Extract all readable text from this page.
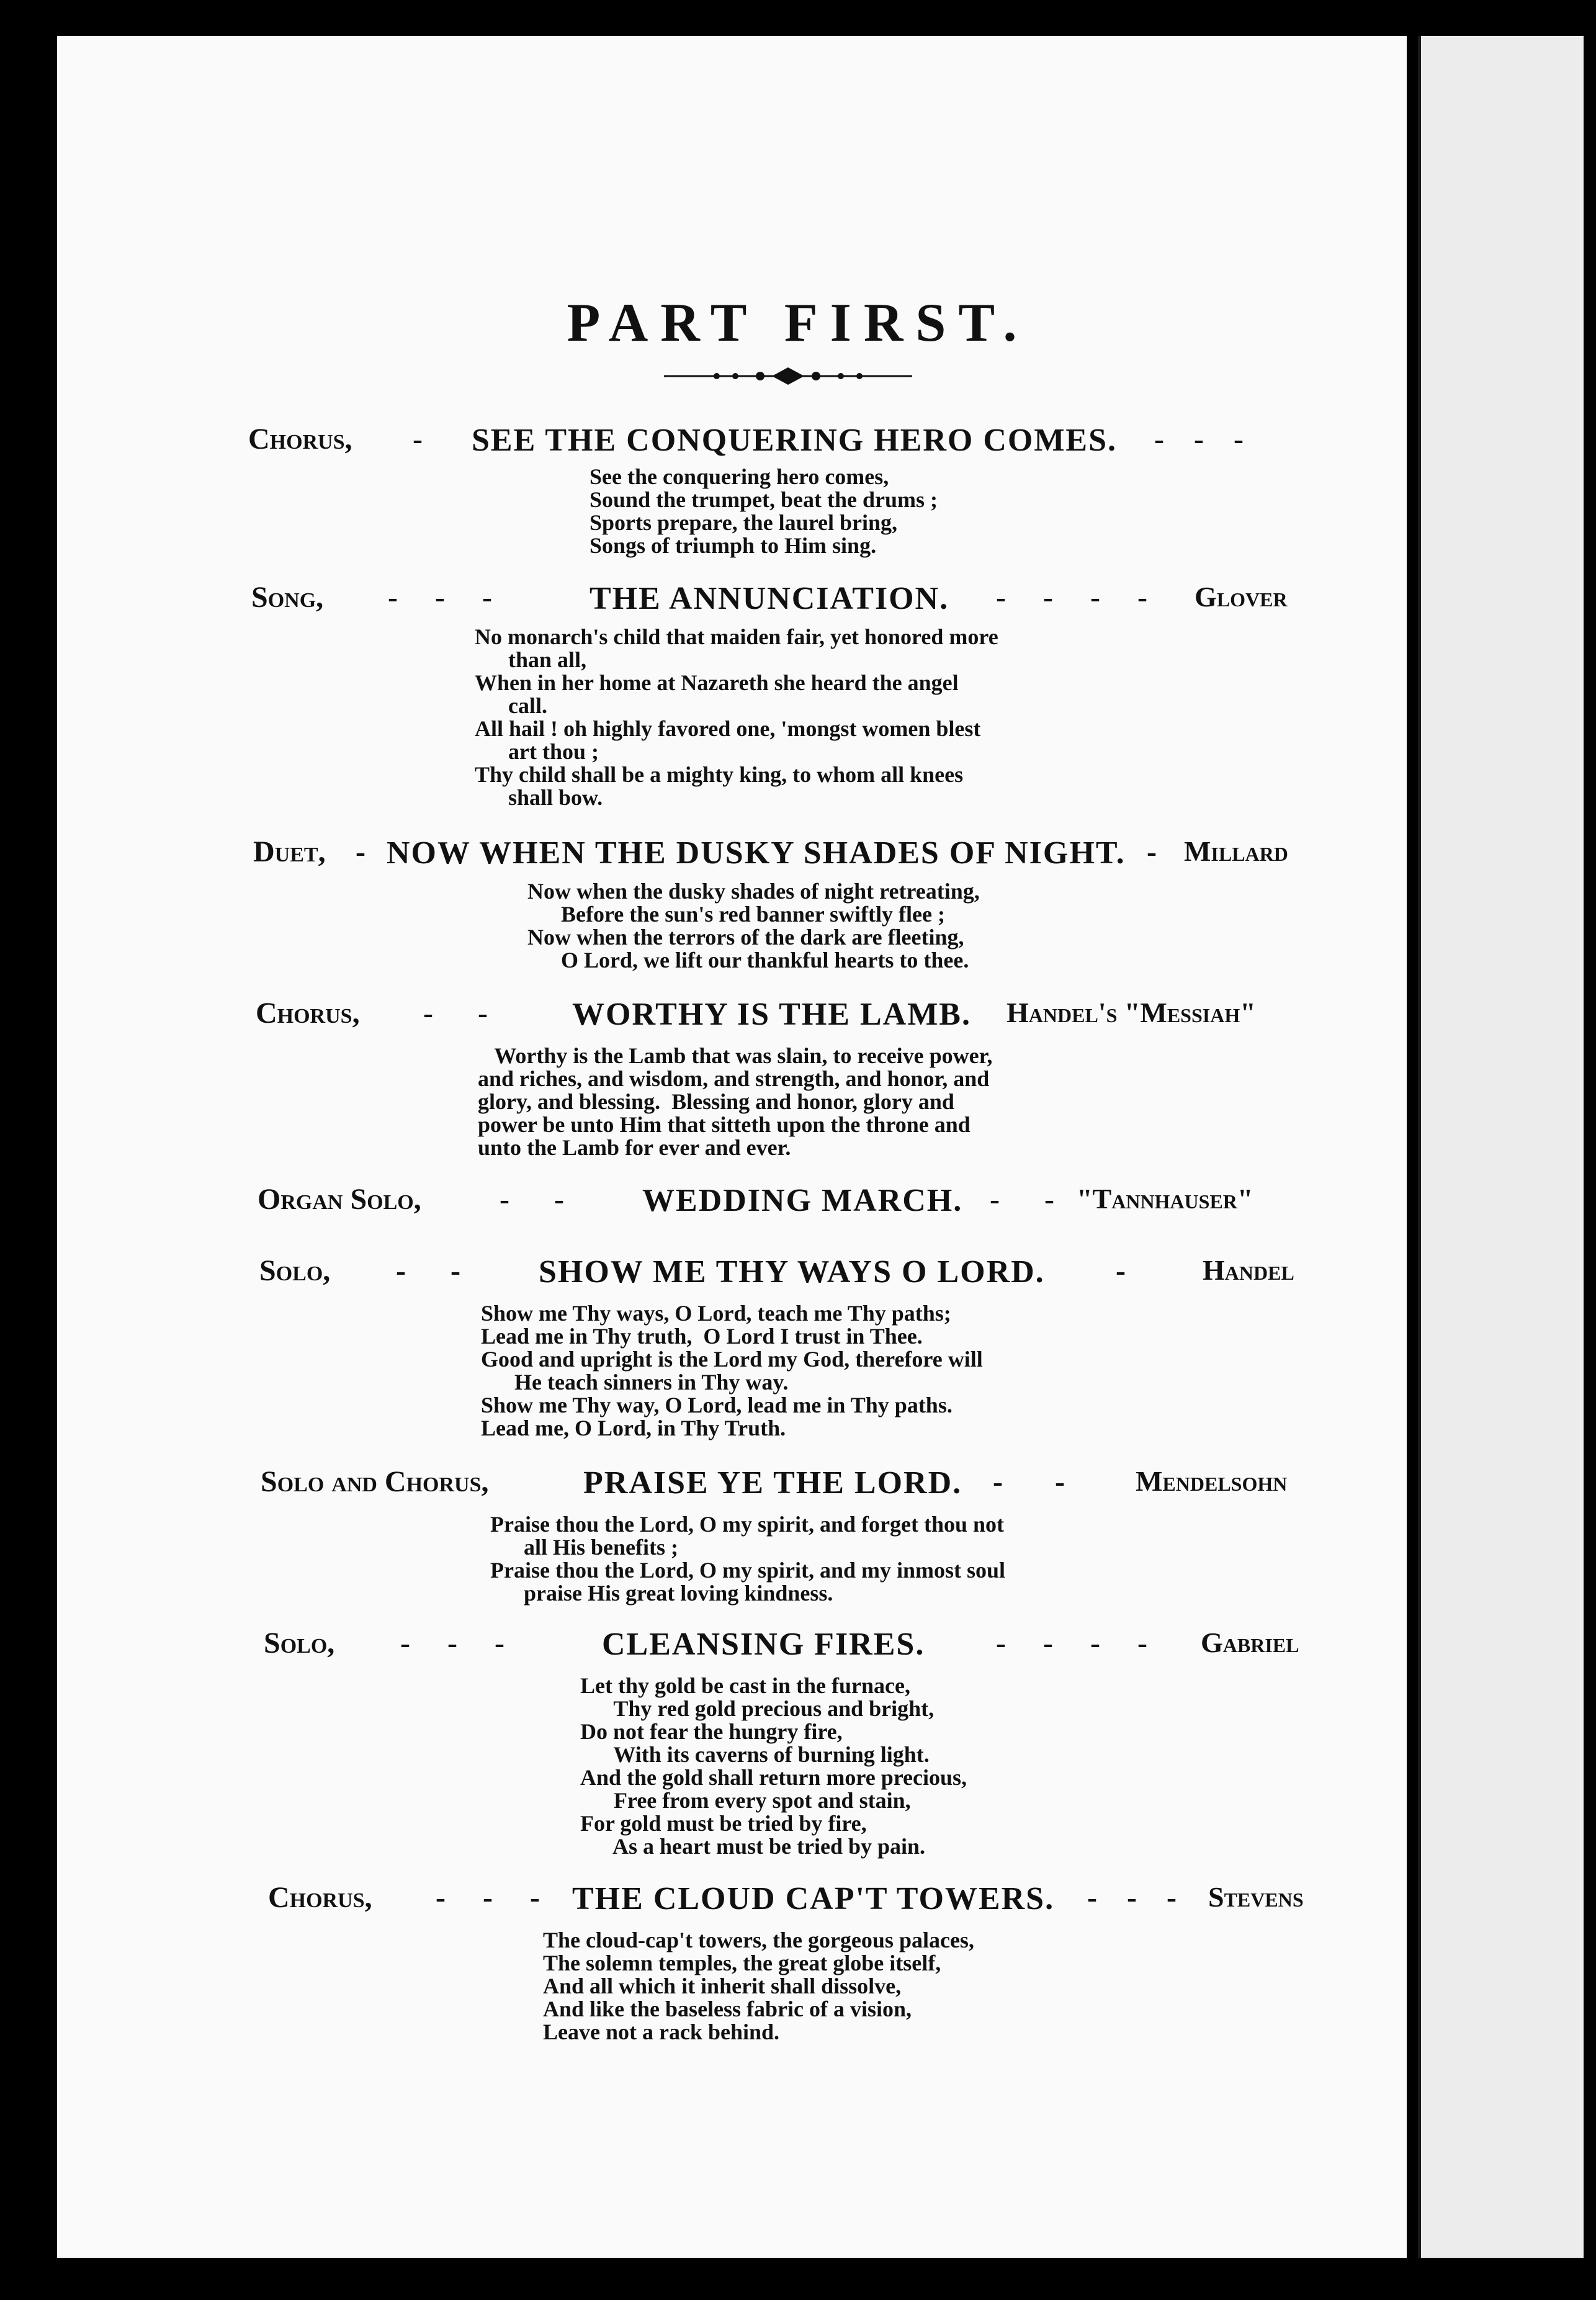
PART FIRST.
Chorus, - SEE THE CONQUERING HERO COMES. -    -    -
See the conquering hero comes,
Sound the trumpet, beat the drums ;
Sports prepare, the laurel bring,
Songs of triumph to Him sing.
Song, -     -     -	THE ANNUNCIATION. -     -     -     - Glover
No monarch's child that maiden fair, yet honored more
than all,
When in her home at Nazareth she heard the angel
call.
All hail ! oh highly favored one, 'mongst women blest
art thou ;
Thy child shall be a mighty king, to whom all knees
shall bow.
Duet, - NOW WHEN THE DUSKY SHADES OF NIGHT. - Millard
Now when the dusky shades of night retreating,
Before the sun's red banner swiftly flee ;
Now when the terrors of the dark are fleeting,
O Lord, we lift our thankful hearts to thee.
Chorus, -      -	WORTHY IS THE LAMB. Handel's "Messiah"
Worthy is the Lamb that was slain, to receive power,
and riches, and wisdom, and strength, and honor, and
glory, and blessing.  Blessing and honor, glory and
power be unto Him that sitteth upon the throne and
unto the Lamb for ever and ever.
Organ Solo,	-      - WEDDING MARCH. -      - "Tannhauser"
Solo, -      - SHOW ME THY WAYS O LORD. -	Handel
Show me Thy ways, O Lord, teach me Thy paths;
Lead me in Thy truth,  O Lord I trust in Thee.
Good and upright is the Lord my God, therefore will
He teach sinners in Thy way.
Show me Thy way, O Lord, lead me in Thy paths.
Lead me, O Lord, in Thy Truth.
Solo and Chorus,	PRAISE YE THE LORD. -       - Mendelsohn
Praise thou the Lord, O my spirit, and forget thou not
all His benefits ;
Praise thou the Lord, O my spirit, and my inmost soul
praise His great loving kindness.
Solo, -     -     -	CLEANSING FIRES. -     -     -     - Gabriel
Let thy gold be cast in the furnace,
Thy red gold precious and bright,
Do not fear the hungry fire,
With its caverns of burning light.
And the gold shall return more precious,
Free from every spot and stain,
For gold must be tried by fire,
As a heart must be tried by pain.
Chorus, -     -     - THE CLOUD CAP'T TOWERS. -    -    - Stevens
The cloud-cap't towers, the gorgeous palaces,
The solemn temples, the great globe itself,
And all which it inherit shall dissolve,
And like the baseless fabric of a vision,
Leave not a rack behind.
